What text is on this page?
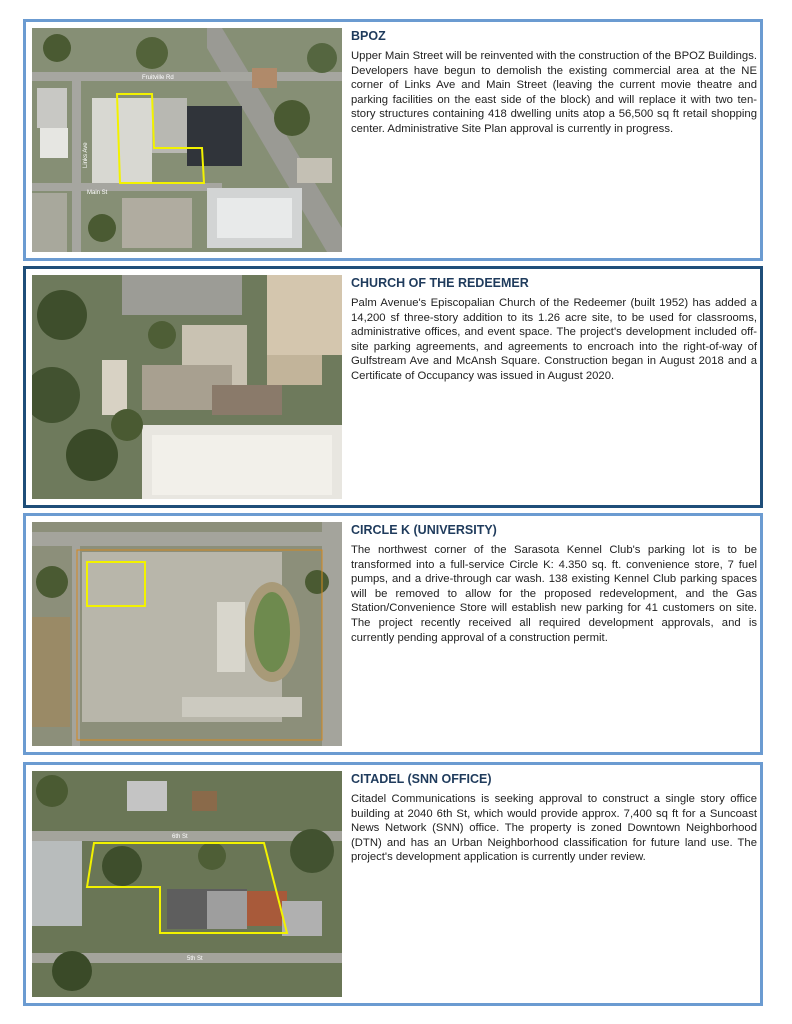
Fruitville Rd
Links Ave
Main St

BPOZ

Upper Main Street will be reinvented with the construction of the BPOZ Buildings. Developers have begun to demolish the existing commercial area at the NE corner of Links Ave and Main Street (leaving the current movie theatre and parking facilities on the east side of the block) and will replace it with two ten-story structures containing 418 dwelling units atop a 56,500 sq ft retail shopping center. Administrative Site Plan approval is currently in progress.

CHURCH OF THE REDEEMER

Palm Avenue's Episcopalian Church of the Redeemer (built 1952) has added a 14,200 sf three-story addition to its 1.26 acre site, to be used for classrooms, administrative offices, and event space. The project's development included off-site parking agreements, and agreements to encroach into the right-of-way of Gulfstream Ave and McAnsh Square. Construction began in August 2018 and a Certificate of Occupancy was issued in August 2020.

CIRCLE K (UNIVERSITY)

The northwest corner of the Sarasota Kennel Club's parking lot is to be transformed into a full-service Circle K: 4.350 sq. ft. convenience store, 7 fuel pumps, and a drive-through car wash. 138 existing Kennel Club parking spaces will be removed to allow for the proposed redevelopment, and the Gas Station/Convenience Store will establish new parking for 41 customers on site. The project recently received all required development approvals, and is currently pending approval of a construction permit.

6th St
5th St

CITADEL (SNN OFFICE)

Citadel Communications is seeking approval to construct a single story office building at 2040 6th St, which would provide approx. 7,400 sq ft for a Suncoast News Network (SNN) office. The property is zoned Downtown Neighborhood (DTN) and has an Urban Neighborhood classification for future land use. The project's development application is currently under review.
